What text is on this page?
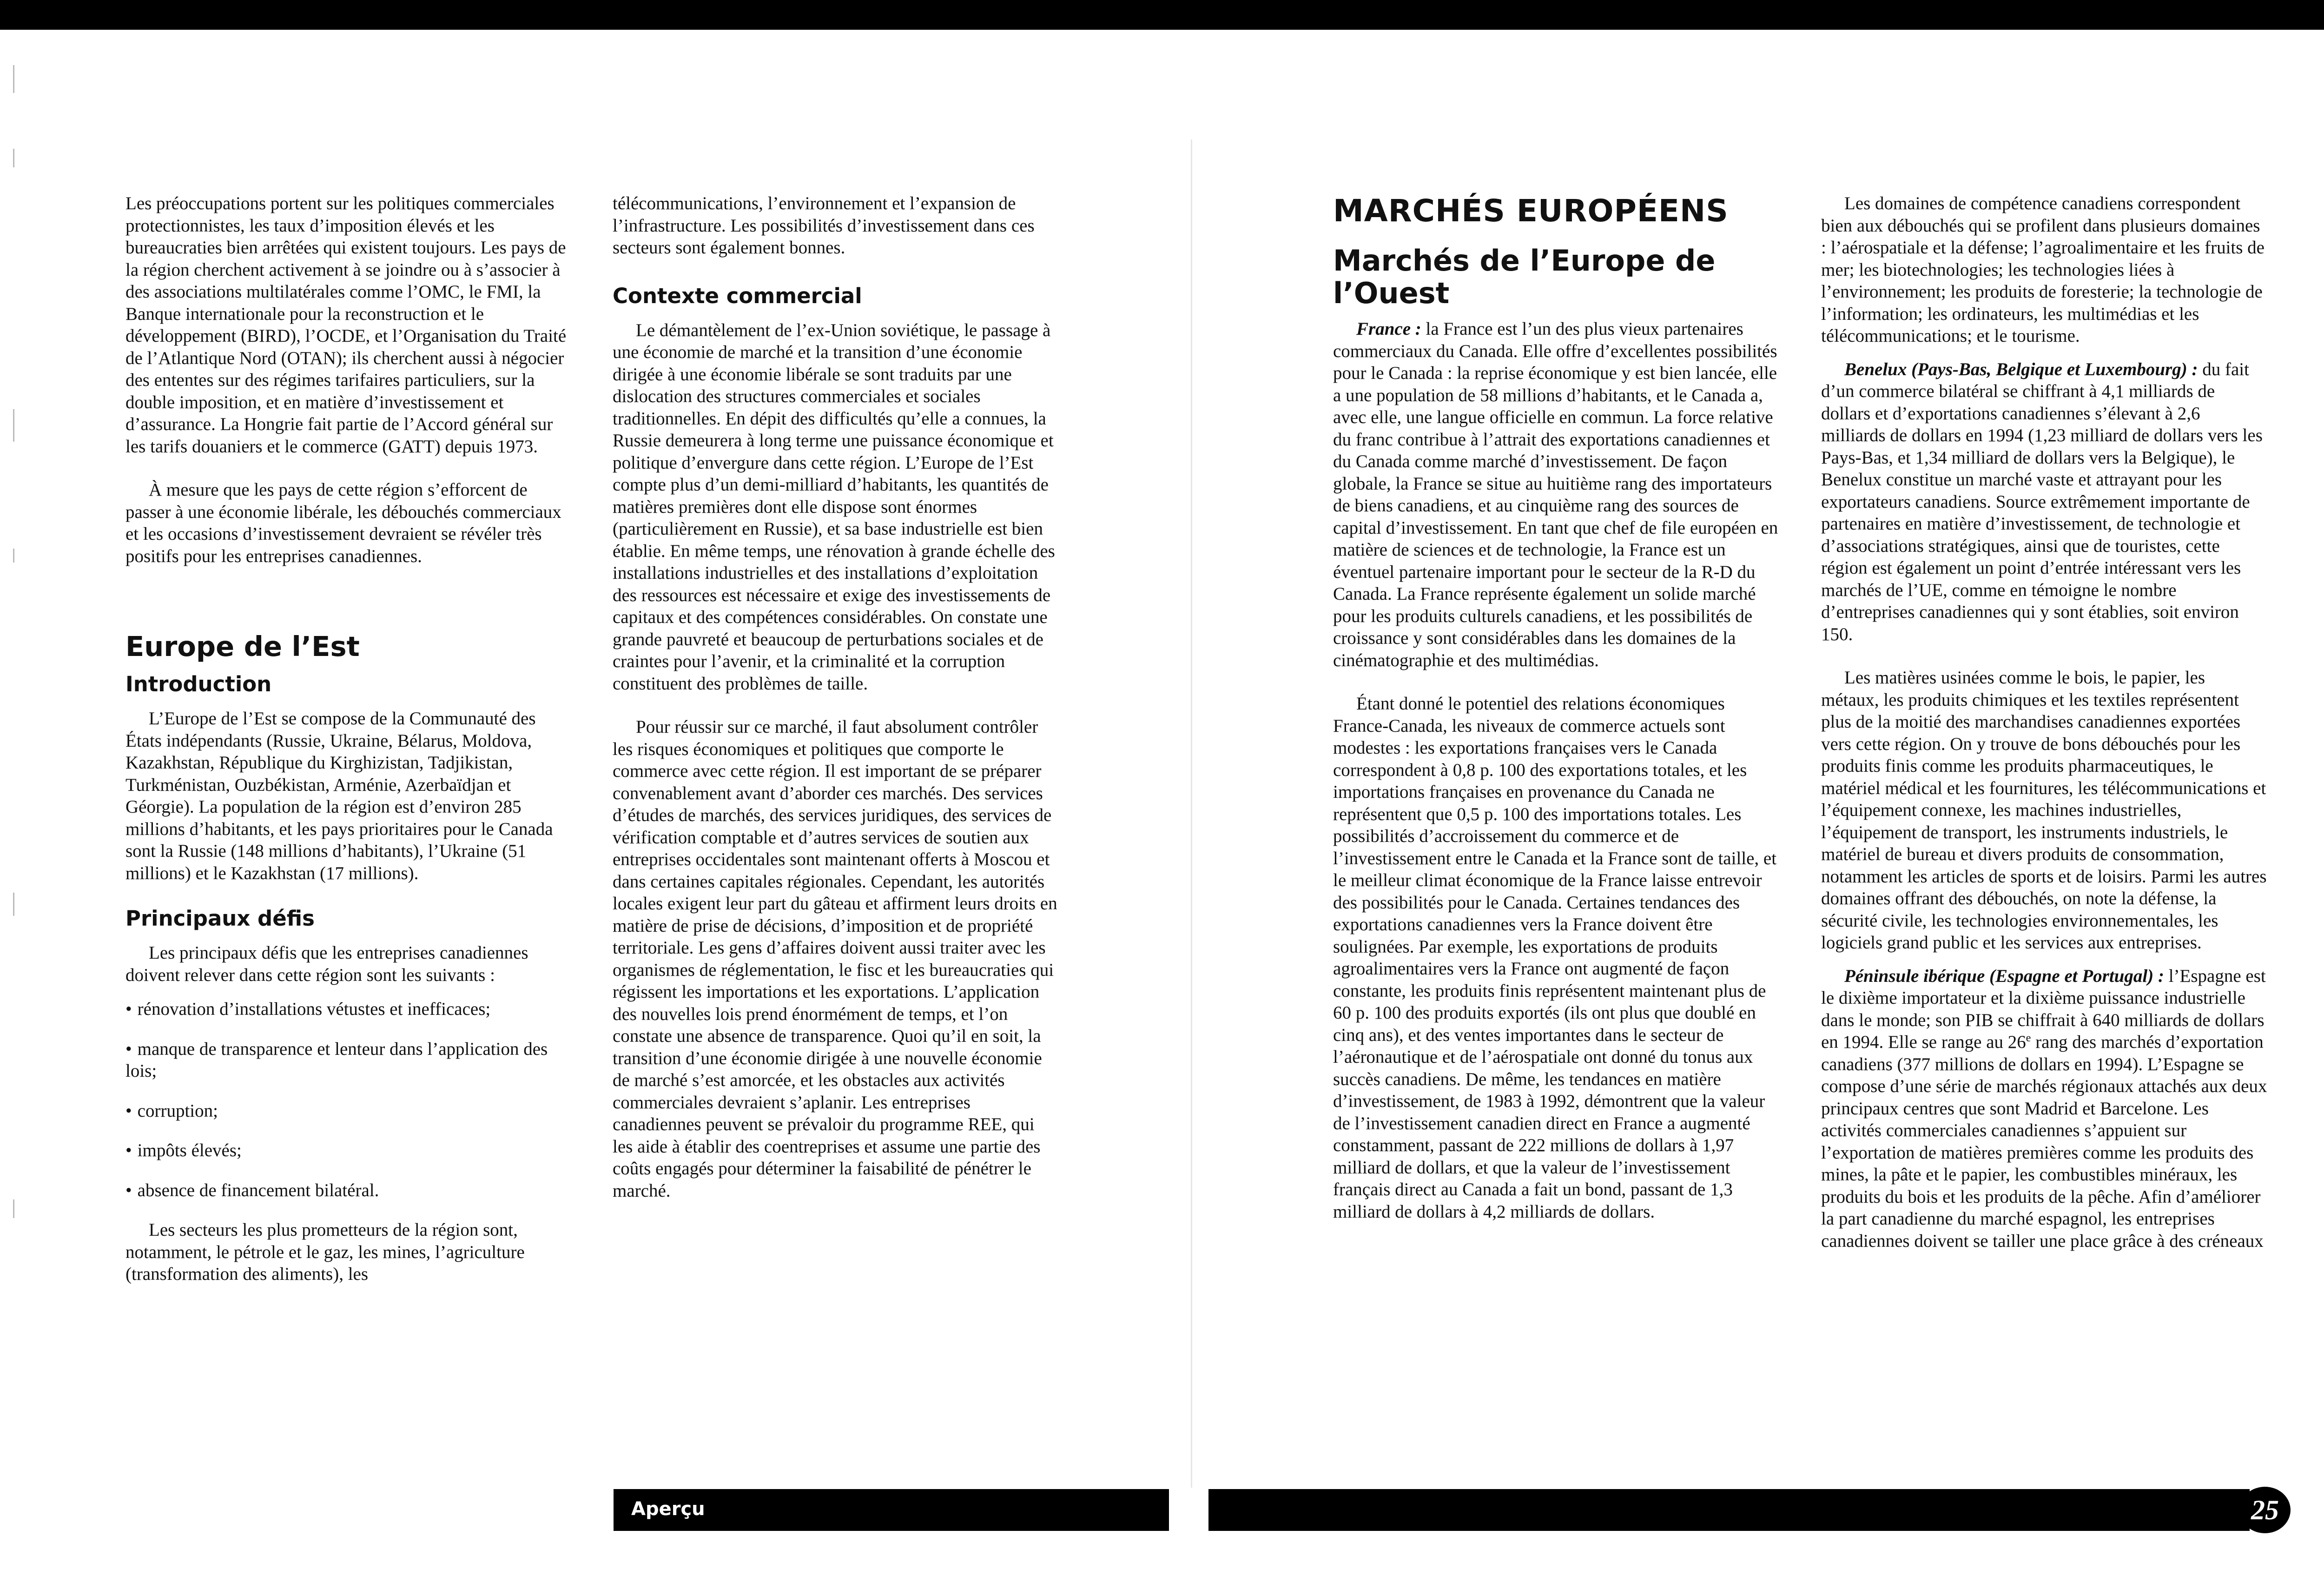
Les préoccupations portent sur les politiques commerciales protectionnistes, les taux d’imposition élevés et les bureaucraties bien arrêtées qui existent toujours. Les pays de la région cherchent activement à se joindre ou à s’associer à des associations multilatérales comme l’OMC, le FMI, la Banque internationale pour la reconstruction et le développement (BIRD), l’OCDE, et l’Organisation du Traité de l’Atlantique Nord (OTAN); ils cherchent aussi à négocier des ententes sur des régimes tarifaires particuliers, sur la double imposition, et en matière d’investissement et d’assurance. La Hongrie fait partie de l’Accord général sur les tarifs douaniers et le commerce (GATT) depuis 1973.

À mesure que les pays de cette région s’efforcent de passer à une économie libérale, les débouchés commerciaux et les occasions d’investissement devraient se révéler très positifs pour les entreprises canadiennes.

Europe de l’Est
Introduction

L’Europe de l’Est se compose de la Communauté des États indépendants (Russie, Ukraine, Bélarus, Moldova, Kazakhstan, République du Kirghizistan, Tadjikistan, Turkménistan, Ouzbékistan, Arménie, Azerbaïdjan et Géorgie). La population de la région est d’environ 285 millions d’habitants, et les pays prioritaires pour le Canada sont la Russie (148 millions d’habitants), l’Ukraine (51 millions) et le Kazakhstan (17 millions).

Principaux défis

Les principaux défis que les entreprises canadiennes doivent relever dans cette région sont les suivants :

• rénovation d’installations vétustes et inefficaces;
• manque de transparence et lenteur dans l’application des lois;
• corruption;
• impôts élevés;
• absence de financement bilatéral.

Les secteurs les plus prometteurs de la région sont, notamment, le pétrole et le gaz, les mines, l’agriculture (transformation des aliments), les

télécommunications, l’environnement et l’expansion de l’infrastructure. Les possibilités d’investissement dans ces secteurs sont également bonnes.

Contexte commercial

Le démantèlement de l’ex-Union soviétique, le passage à une économie de marché et la transition d’une économie dirigée à une économie libérale se sont traduits par une dislocation des structures commerciales et sociales traditionnelles. En dépit des difficultés qu’elle a connues, la Russie demeurera à long terme une puissance économique et politique d’envergure dans cette région. L’Europe de l’Est compte plus d’un demi-milliard d’habitants, les quantités de matières premières dont elle dispose sont énormes (particulièrement en Russie), et sa base industrielle est bien établie. En même temps, une rénovation à grande échelle des installations industrielles et des installations d’exploitation des ressources est nécessaire et exige des investissements de capitaux et des compétences considérables. On constate une grande pauvreté et beaucoup de perturbations sociales et de craintes pour l’avenir, et la criminalité et la corruption constituent des problèmes de taille.

Pour réussir sur ce marché, il faut absolument contrôler les risques économiques et politiques que comporte le commerce avec cette région. Il est important de se préparer convenablement avant d’aborder ces marchés. Des services d’études de marchés, des services juridiques, des services de vérification comptable et d’autres services de soutien aux entreprises occidentales sont maintenant offerts à Moscou et dans certaines capitales régionales. Cependant, les autorités locales exigent leur part du gâteau et affirment leurs droits en matière de prise de décisions, d’imposition et de propriété territoriale. Les gens d’affaires doivent aussi traiter avec les organismes de réglementation, le fisc et les bureaucraties qui régissent les importations et les exportations. L’application des nouvelles lois prend énormément de temps, et l’on constate une absence de transparence. Quoi qu’il en soit, la transition d’une économie dirigée à une nouvelle économie de marché s’est amorcée, et les obstacles aux activités commerciales devraient s’aplanir. Les entreprises canadiennes peuvent se prévaloir du programme REE, qui les aide à établir des coentreprises et assume une partie des coûts engagés pour déterminer la faisabilité de pénétrer le marché.

MARCHÉS EUROPÉENS
Marchés de l’Europe de l’Ouest

France : la France est l’un des plus vieux partenaires commerciaux du Canada. Elle offre d’excellentes possibilités pour le Canada : la reprise économique y est bien lancée, elle a une population de 58 millions d’habitants, et le Canada a, avec elle, une langue officielle en commun. La force relative du franc contribue à l’attrait des exportations canadiennes et du Canada comme marché d’investissement. De façon globale, la France se situe au huitième rang des importateurs de biens canadiens, et au cinquième rang des sources de capital d’investissement. En tant que chef de file européen en matière de sciences et de technologie, la France est un éventuel partenaire important pour le secteur de la R-D du Canada. La France représente également un solide marché pour les produits culturels canadiens, et les possibilités de croissance y sont considérables dans les domaines de la cinématographie et des multimédias.

Étant donné le potentiel des relations économiques France-Canada, les niveaux de commerce actuels sont modestes : les exportations françaises vers le Canada correspondent à 0,8 p. 100 des exportations totales, et les importations françaises en provenance du Canada ne représentent que 0,5 p. 100 des importations totales. Les possibilités d’accroissement du commerce et de l’investissement entre le Canada et la France sont de taille, et le meilleur climat économique de la France laisse entrevoir des possibilités pour le Canada. Certaines tendances des exportations canadiennes vers la France doivent être soulignées. Par exemple, les exportations de produits agroalimentaires vers la France ont augmenté de façon constante, les produits finis représentent maintenant plus de 60 p. 100 des produits exportés (ils ont plus que doublé en cinq ans), et des ventes importantes dans le secteur de l’aéronautique et de l’aérospatiale ont donné du tonus aux succès canadiens. De même, les tendances en matière d’investissement, de 1983 à 1992, démontrent que la valeur de l’investissement canadien direct en France a augmenté constamment, passant de 222 millions de dollars à 1,97 milliard de dollars, et que la valeur de l’investissement français direct au Canada a fait un bond, passant de 1,3 milliard de dollars à 4,2 milliards de dollars.

Les domaines de compétence canadiens correspondent bien aux débouchés qui se profilent dans plusieurs domaines : l’aérospatiale et la défense; l’agroalimentaire et les fruits de mer; les biotechnologies; les technologies liées à l’environnement; les produits de foresterie; la technologie de l’information; les ordinateurs, les multimédias et les télécommunications; et le tourisme.

Benelux (Pays-Bas, Belgique et Luxembourg) : du fait d’un commerce bilatéral se chiffrant à 4,1 milliards de dollars et d’exportations canadiennes s’élevant à 2,6 milliards de dollars en 1994 (1,23 milliard de dollars vers les Pays-Bas, et 1,34 milliard de dollars vers la Belgique), le Benelux constitue un marché vaste et attrayant pour les exportateurs canadiens. Source extrêmement importante de partenaires en matière d’investissement, de technologie et d’associations stratégiques, ainsi que de touristes, cette région est également un point d’entrée intéressant vers les marchés de l’UE, comme en témoigne le nombre d’entreprises canadiennes qui y sont établies, soit environ 150.

Les matières usinées comme le bois, le papier, les métaux, les produits chimiques et les textiles représentent plus de la moitié des marchandises canadiennes exportées vers cette région. On y trouve de bons débouchés pour les produits finis comme les produits pharmaceutiques, le matériel médical et les fournitures, les télécommunications et l’équipement connexe, les machines industrielles, l’équipement de transport, les instruments industriels, le matériel de bureau et divers produits de consommation, notamment les articles de sports et de loisirs. Parmi les autres domaines offrant des débouchés, on note la défense, la sécurité civile, les technologies environnementales, les logiciels grand public et les services aux entreprises.

Péninsule ibérique (Espagne et Portugal) : l’Espagne est le dixième importateur et la dixième puissance industrielle dans le monde; son PIB se chiffrait à 640 milliards de dollars en 1994. Elle se range au 26e rang des marchés d’exportation canadiens (377 millions de dollars en 1994). L’Espagne se compose d’une série de marchés régionaux attachés aux deux principaux centres que sont Madrid et Barcelone. Les activités commerciales canadiennes s’appuient sur l’exportation de matières premières comme les produits des mines, la pâte et le papier, les combustibles minéraux, les produits du bois et les produits de la pêche. Afin d’améliorer la part canadienne du marché espagnol, les entreprises canadiennes doivent se tailler une place grâce à des créneaux

Aperçu	25
